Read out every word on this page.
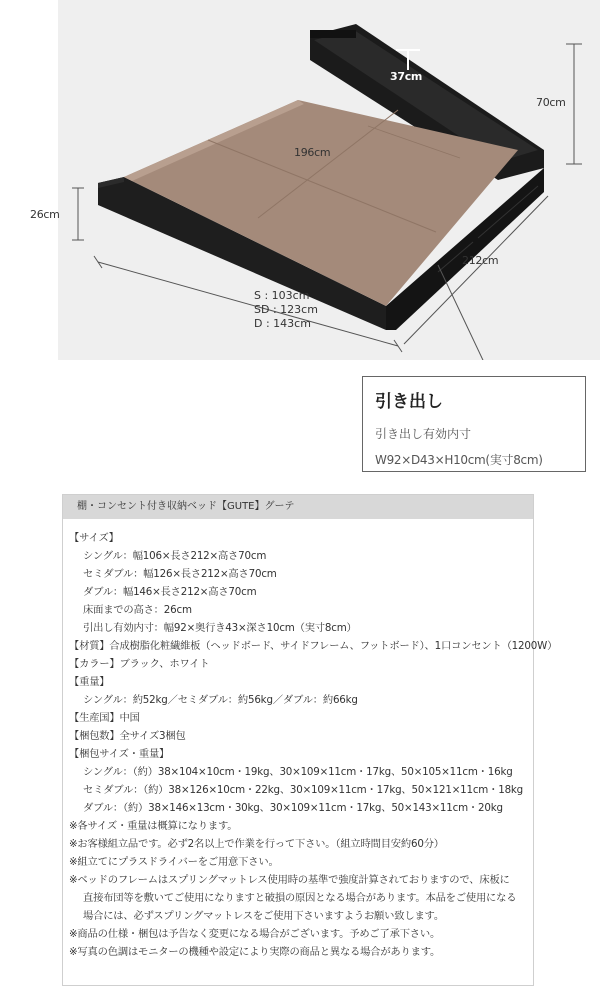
37cm
70cm
196cm
212cm
S : 103cm
SD : 123cm
D : 143cm
26cm
引き出し
引き出し有効内寸
W92×D43×H10cm(実寸8cm)
棚・コンセント付き収納ベッド【GUTE】グーテ
【サイズ】
シングル：幅106×長さ212×高さ70cm
セミダブル：幅126×長さ212×高さ70cm
ダブル：幅146×長さ212×高さ70cm
床面までの高さ：26cm
引出し有効内寸：幅92×奥行き43×深さ10cm（実寸8cm）
【材質】合成樹脂化粧繊維板（ヘッドボード、サイドフレーム、フットボード）、1口コンセント（1200W）
【カラー】ブラック、ホワイト
【重量】
シングル：約52kg／セミダブル：約56kg／ダブル：約66kg
【生産国】中国
【梱包数】全サイズ3梱包
【梱包サイズ・重量】
シングル：（約）38×104×10cm・19kg、30×109×11cm・17kg、50×105×11cm・16kg
セミダブル：（約）38×126×10cm・22kg、30×109×11cm・17kg、50×121×11cm・18kg
ダブル：（約）38×146×13cm・30kg、30×109×11cm・17kg、50×143×11cm・20kg
※各サイズ・重量は概算になります。
※お客様組立品です。必ず2名以上で作業を行って下さい。（組立時間目安約60分）
※組立てにプラスドライバーをご用意下さい。
※ベッドのフレームはスプリングマットレス使用時の基準で強度計算されておりますので、床板に
直接布団等を敷いてご使用になりますと破損の原因となる場合があります。本品をご使用になる
場合には、必ずスプリングマットレスをご使用下さいますようお願い致します。
※商品の仕様・梱包は予告なく変更になる場合がございます。予めご了承下さい。
※写真の色調はモニターの機種や設定により実際の商品と異なる場合があります。
